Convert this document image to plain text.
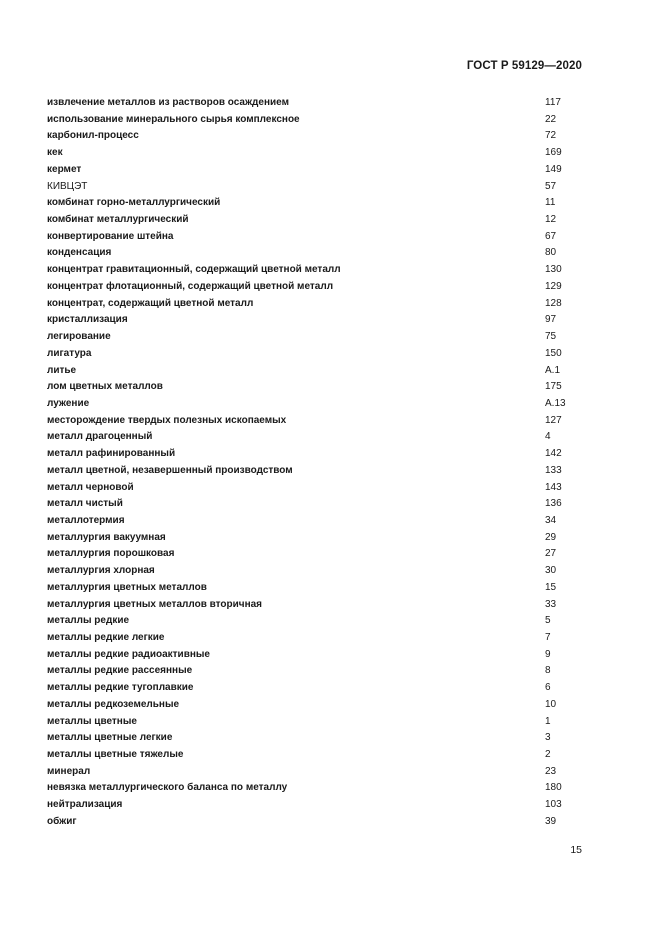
ГОСТ Р 59129—2020
извлечение металлов из растворов осаждением	117
использование минерального сырья комплексное	22
карбонил-процесс	72
кек	169
кермет	149
КИВЦЭТ	57
комбинат горно-металлургический	11
комбинат металлургический	12
конвертирование штейна	67
конденсация	80
концентрат гравитационный, содержащий цветной металл	130
концентрат флотационный, содержащий цветной металл	129
концентрат, содержащий цветной металл	128
кристаллизация	97
легирование	75
лигатура	150
литье	А.1
лом цветных металлов	175
лужение	А.13
месторождение твердых полезных ископаемых	127
металл драгоценный	4
металл рафинированный	142
металл цветной, незавершенный производством	133
металл черновой	143
металл чистый	136
металлотермия	34
металлургия вакуумная	29
металлургия порошковая	27
металлургия хлорная	30
металлургия цветных металлов	15
металлургия цветных металлов вторичная	33
металлы редкие	5
металлы редкие легкие	7
металлы редкие радиоактивные	9
металлы редкие рассеянные	8
металлы редкие тугоплавкие	6
металлы редкоземельные	10
металлы цветные	1
металлы цветные легкие	3
металлы цветные тяжелые	2
минерал	23
невязка металлургического баланса по металлу	180
нейтрализация	103
обжиг	39
15
